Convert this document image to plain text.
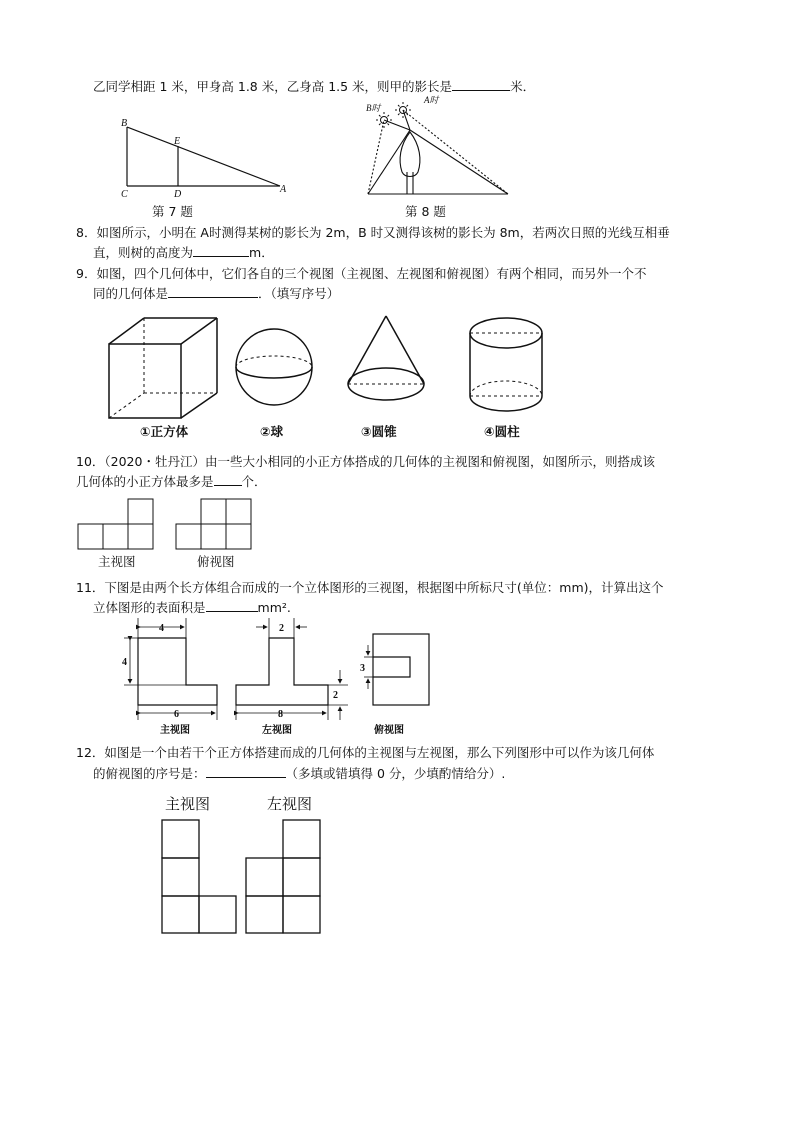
乙同学相距 1 米，甲身高 1.8 米，乙身高 1.5 米，则甲的影长是	米．
B
E
C	D	A
B时
A时
第 7 题	第 8 题
8．如图所示，小明在 A时测得某树的影长为 2m，B 时又测得该树的影长为 8m，若两次日照的光线互相垂
直，则树的高度为	m．
9．如图，四个几何体中，它们各自的三个视图（主视图、左视图和俯视图）有两个相同，而另外一个不
同的几何体是	．（填写序号）
①正方体	②球	③圆锥	④圆柱
10．（2020・牡丹江）由一些大小相同的小正方体搭成的几何体的主视图和俯视图，如图所示，则搭成该
几何体的小正方体最多是 个．
主视图	俯视图
11．下图是由两个长方体组合而成的一个立体图形的三视图，根据图中所标尺寸(单位：mm)，计算出这个
立体图形的表面积是	mm².
4
4
6
2
8
2
3
主视图	左视图	俯视图
12．如图是一个由若干个正方体搭建而成的几何体的主视图与左视图，那么下列图形中可以作为该几何体
的俯视图的序号是：	（多填或错填得 0 分，少填酌情给分）.
主视图	左视图
